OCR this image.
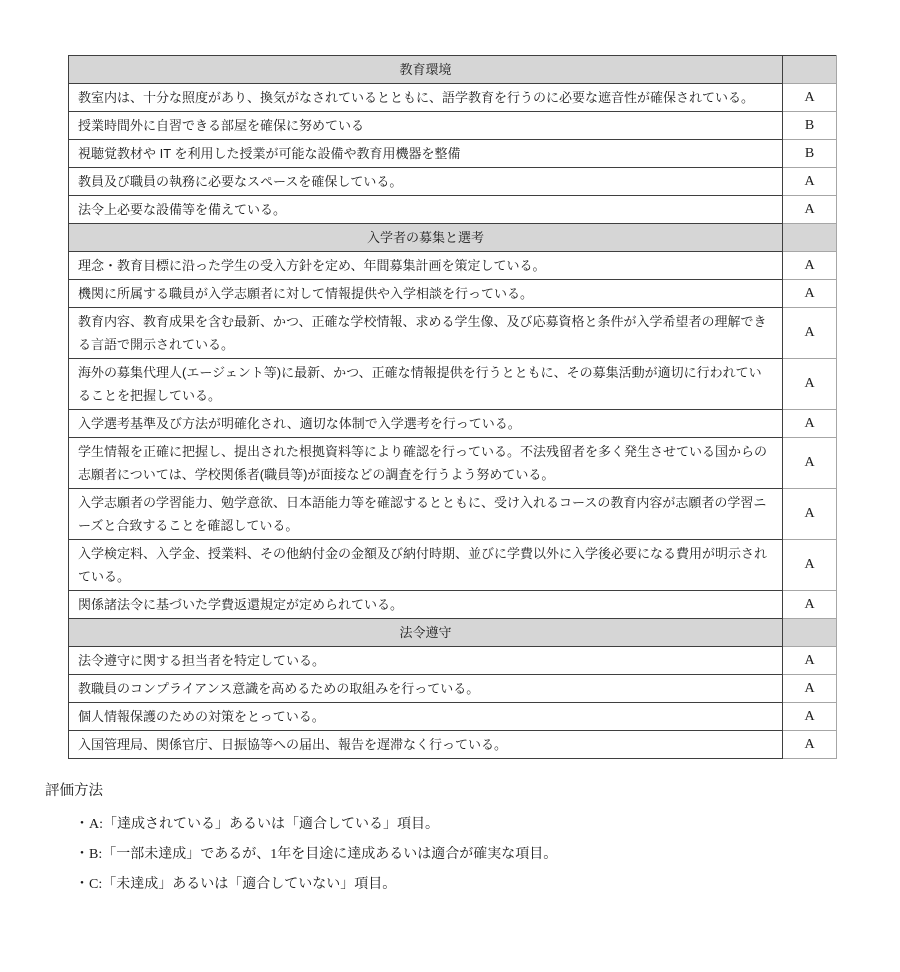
教育環境	
教室内は、十分な照度があり、換気がなされているとともに、語学教育を行うのに必要な遮音性が確保されている。	A
授業時間外に自習できる部屋を確保に努めている	B
視聴覚教材や IT を利用した授業が可能な設備や教育用機器を整備	B
教員及び職員の執務に必要なスペースを確保している。	A
法令上必要な設備等を備えている。	A
入学者の募集と選考	
理念・教育目標に沿った学生の受入方針を定め、年間募集計画を策定している。	A
機関に所属する職員が入学志願者に対して情報提供や入学相談を行っている。	A
教育内容、教育成果を含む最新、かつ、正確な学校情報、求める学生像、及び応募資格と条件が入学希望者の理解できる言語で開示されている。	A
海外の募集代理人(エージェント等)に最新、かつ、正確な情報提供を行うとともに、その募集活動が適切に行われていることを把握している。	A
入学選考基準及び方法が明確化され、適切な体制で入学選考を行っている。	A
学生情報を正確に把握し、提出された根拠資料等により確認を行っている。不法残留者を多く発生させている国からの志願者については、学校関係者(職員等)が面接などの調査を行うよう努めている。	A
入学志願者の学習能力、勉学意欲、日本語能力等を確認するとともに、受け入れるコースの教育内容が志願者の学習ニーズと合致することを確認している。	A
入学検定料、入学金、授業料、その他納付金の金額及び納付時期、並びに学費以外に入学後必要になる費用が明示されている。	A
関係諸法令に基づいた学費返還規定が定められている。	A
法令遵守	
法令遵守に関する担当者を特定している。	A
教職員のコンプライアンス意識を高めるための取組みを行っている。	A
個人情報保護のための対策をとっている。	A
入国管理局、関係官庁、日振協等への届出、報告を遅滞なく行っている。	A
評価方法
・A:「達成されている」あるいは「適合している」項目。
・B:「一部未達成」であるが、1年を目途に達成あるいは適合が確実な項目。
・C:「未達成」あるいは「適合していない」項目。
